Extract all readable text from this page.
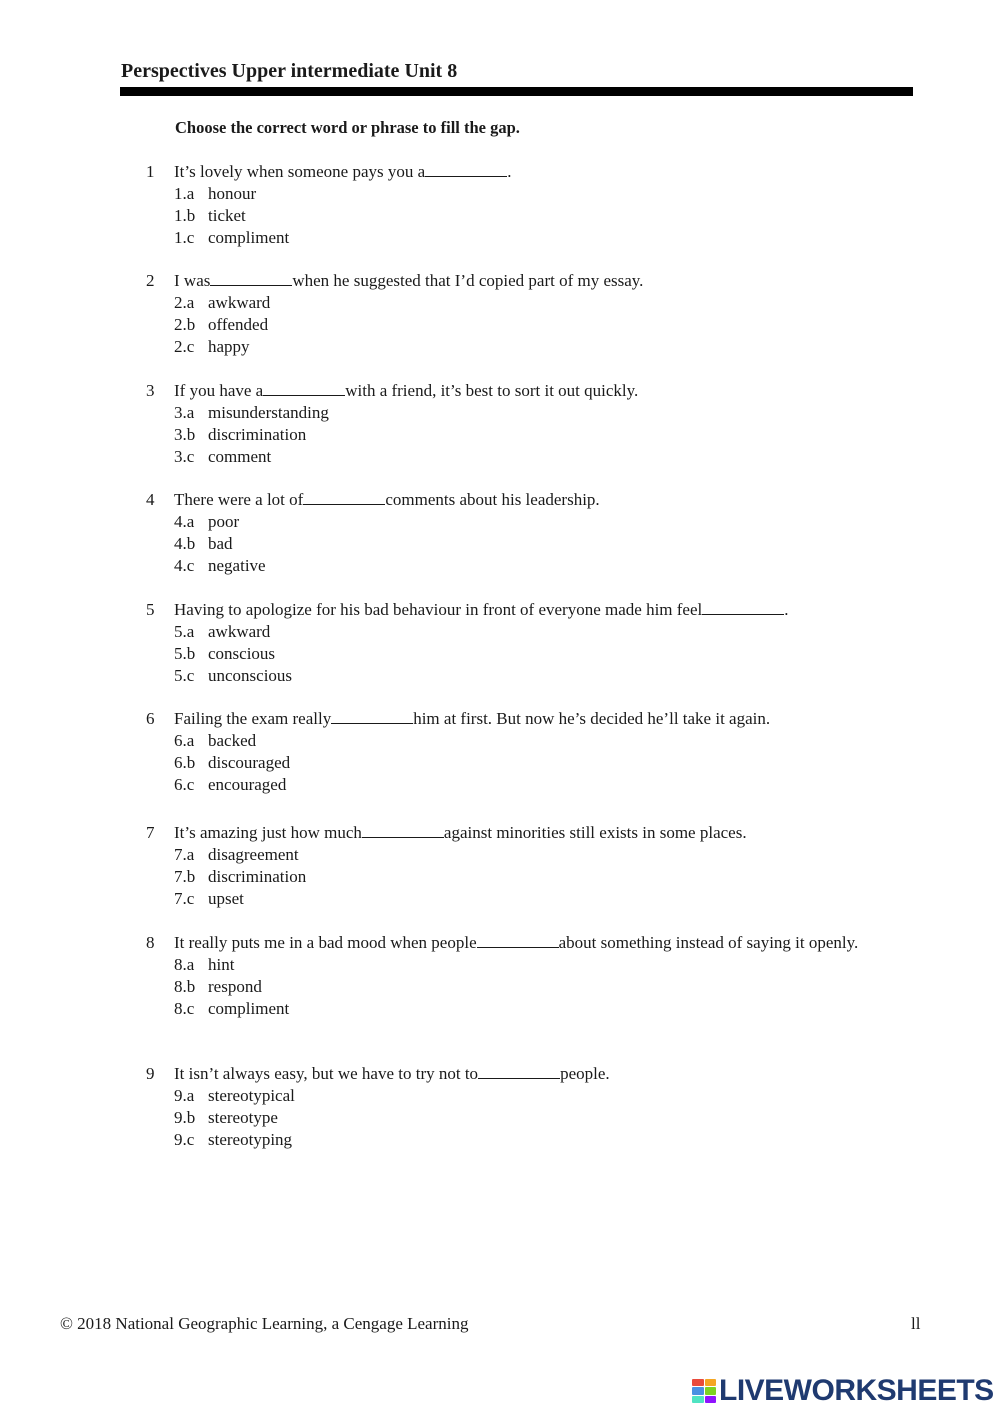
Perspectives Upper intermediate Unit 8
Choose the correct word or phrase to fill the gap.
1	It’s lovely when someone pays you a	.
1.a honour
1.b ticket
1.c compliment
2	I was	when he suggested that I’d copied part of my essay.
2.a awkward
2.b offended
2.c happy
3	If you have a	with a friend, it’s best to sort it out quickly.
3.a misunderstanding
3.b discrimination
3.c comment
4	There were a lot of	comments about his leadership.
4.a poor
4.b bad
4.c negative
5	Having to apologize for his bad behaviour in front of everyone made him feel	.
5.a awkward
5.b conscious
5.c unconscious
6	Failing the exam really	him at first. But now he’s decided he’ll take it again.
6.a backed
6.b discouraged
6.c encouraged
7	It’s amazing just how much	against minorities still exists in some places.
7.a disagreement
7.b discrimination
7.c upset
8	It really puts me in a bad mood when people	about something instead of saying it openly.
8.a hint
8.b respond
8.c compliment
9	It isn’t always easy, but we have to try not to	people.
9.a stereotypical
9.b stereotype
9.c stereotyping
© 2018 National Geographic Learning, a Cengage Learning	ll
LIVEWORKSHEETS
